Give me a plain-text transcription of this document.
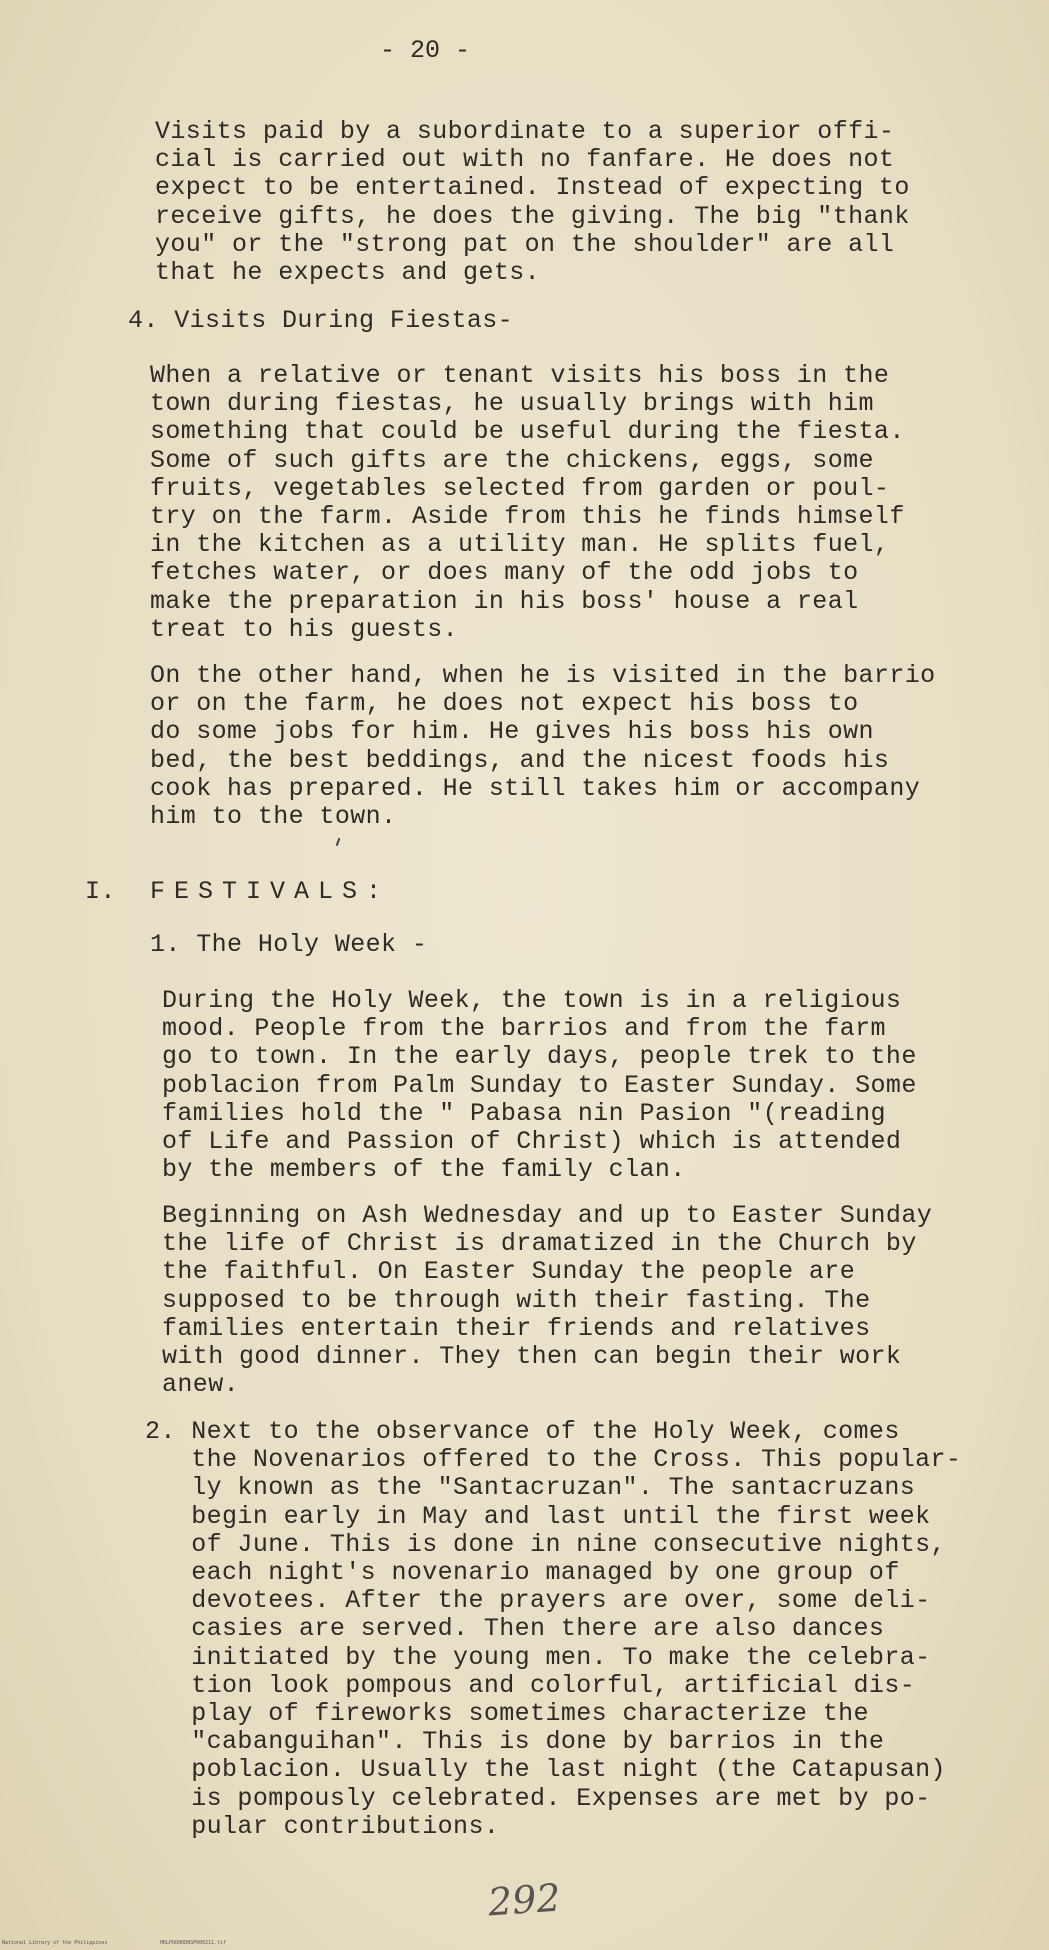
- 20 -

Visits paid by a subordinate to a superior offi-
cial is carried out with no fanfare. He does not
expect to be entertained. Instead of expecting to
receive gifts, he does the giving. The big "thank
you" or the "strong pat on the shoulder" are all
that he expects and gets.

4. Visits During Fiestas-

When a relative or tenant visits his boss in the
town during fiestas, he usually brings with him
something that could be useful during the fiesta.
Some of such gifts are the chickens, eggs, some
fruits, vegetables selected from garden or poul-
try on the farm. Aside from this he finds himself
in the kitchen as a utility man. He splits fuel,
fetches water, or does many of the odd jobs to
make the preparation in his boss' house a real
treat to his guests.

On the other hand, when he is visited in the barrio
or on the farm, he does not expect his boss to
do some jobs for him. He gives his boss his own
bed, the best beddings, and the nicest foods his
cook has prepared. He still takes him or accompany
him to the town.

I. FESTIVALS:
1. The Holy Week -

During the Holy Week, the town is in a religious
mood. People from the barrios and from the farm
go to town. In the early days, people trek to the
poblacion from Palm Sunday to Easter Sunday. Some
families hold the " Pabasa nin Pasion "(reading
of Life and Passion of Christ) which is attended
by the members of the family clan.

Beginning on Ash Wednesday and up to Easter Sunday
the life of Christ is dramatized in the Church by
the faithful. On Easter Sunday the people are
supposed to be through with their fasting. The
families entertain their friends and relatives
with good dinner. They then can begin their work
anew.

2. Next to the observance of the Holy Week, comes
the Novenarios offered to the Cross. This popular-
ly known as the "Santacruzan". The santacruzans
begin early in May and last until the first week
of June. This is done in nine consecutive nights,
each night's novenario managed by one group of
devotees. After the prayers are over, some deli-
casies are served. Then there are also dances
initiated by the young men. To make the celebra-
tion look pompous and colorful, artificial dis-
play of fireworks sometimes characterize the
"cabanguihan". This is done by barrios in the
poblacion. Usually the last night (the Catapusan)
is pompously celebrated. Expenses are met by po-
pular contributions.

292
National Library of the Philippines	HRLPOO0RDNSP000211.tif
